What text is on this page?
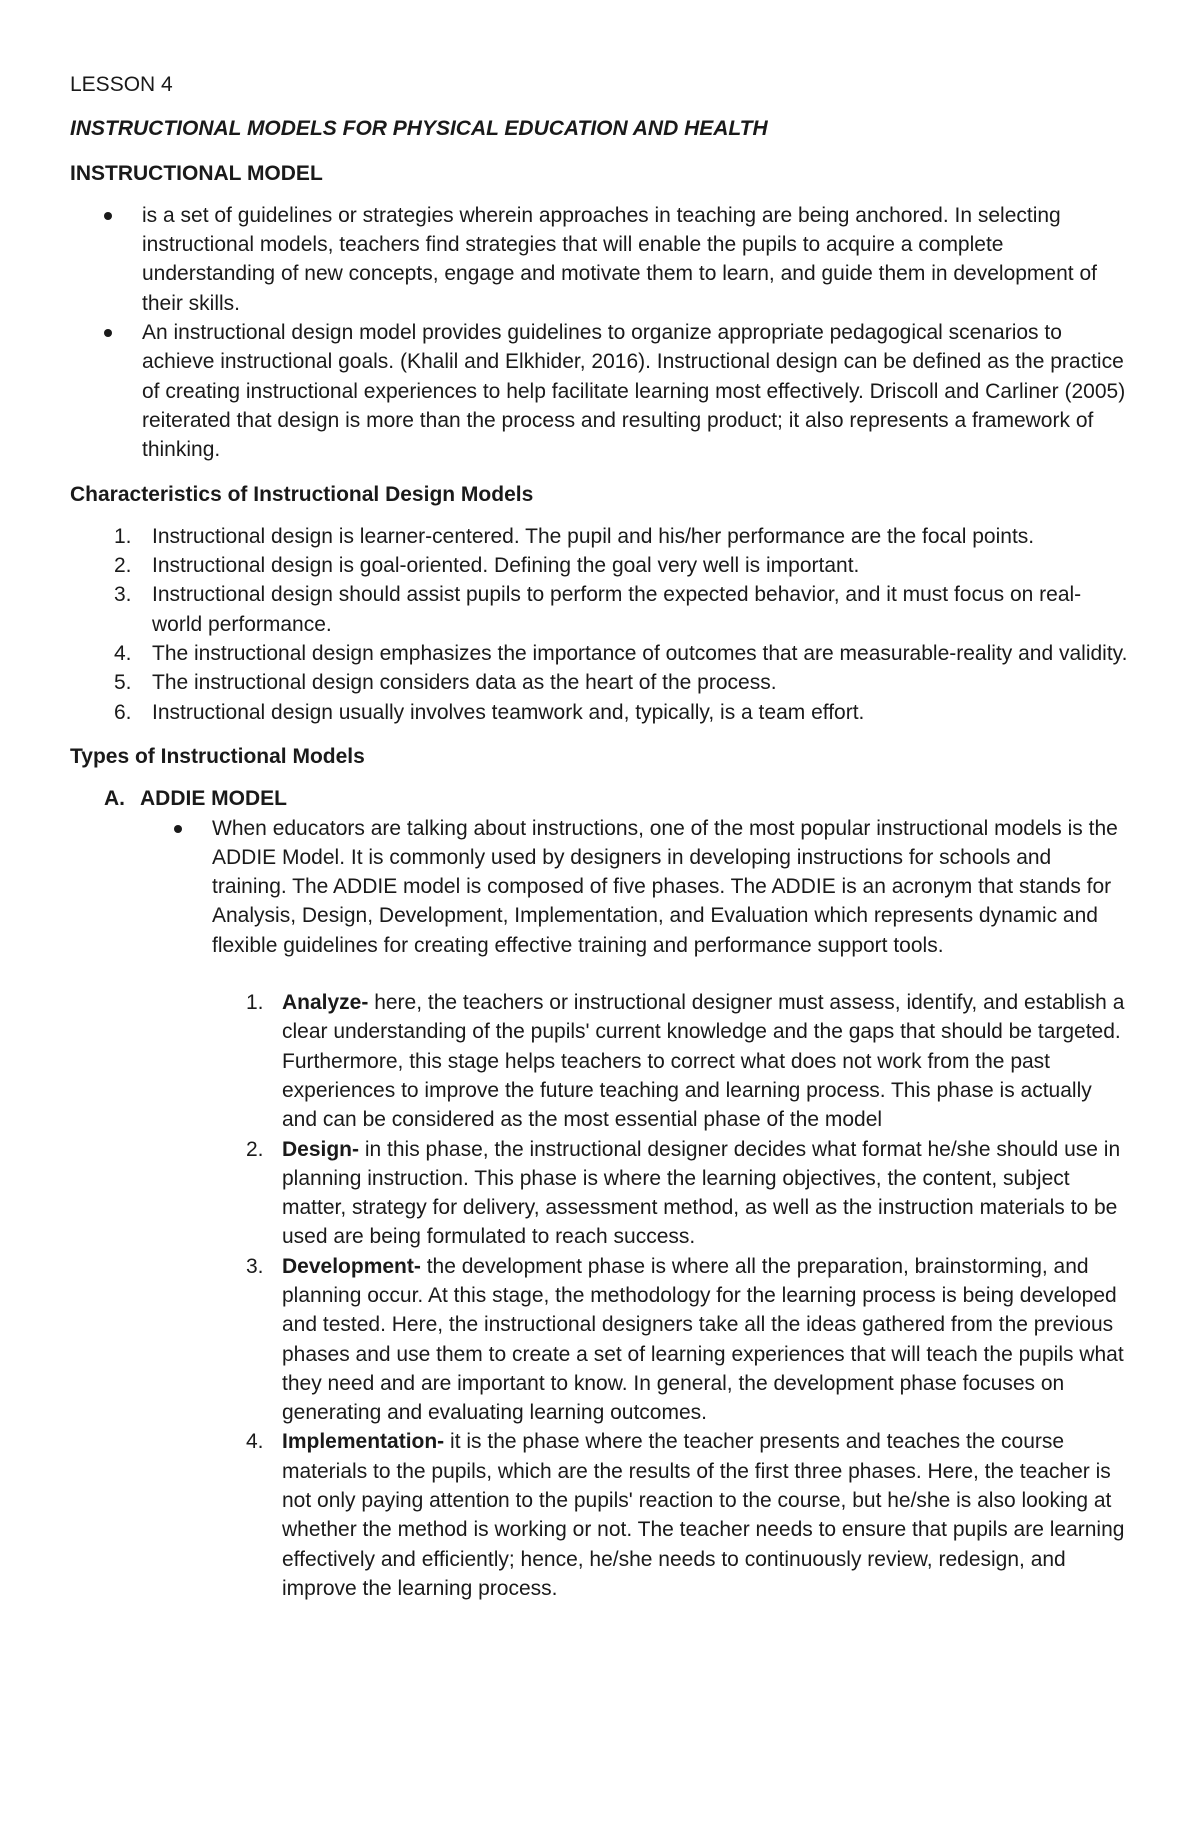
LESSON 4

INSTRUCTIONAL MODELS FOR PHYSICAL EDUCATION AND HEALTH

INSTRUCTIONAL MODEL

is a set of guidelines or strategies wherein approaches in teaching are being anchored. In selecting instructional models, teachers find strategies that will enable the pupils to acquire a complete understanding of new concepts, engage and motivate them to learn, and guide them in development of their skills.
An instructional design model provides guidelines to organize appropriate pedagogical scenarios to achieve instructional goals. (Khalil and Elkhider, 2016). Instructional design can be defined as the practice of creating instructional experiences to help facilitate learning most effectively. Driscoll and Carliner (2005) reiterated that design is more than the process and resulting product; it also represents a framework of thinking.

Characteristics of Instructional Design Models

1. Instructional design is learner-centered. The pupil and his/her performance are the focal points.
2. Instructional design is goal-oriented. Defining the goal very well is important.
3. Instructional design should assist pupils to perform the expected behavior, and it must focus on real-world performance.
4. The instructional design emphasizes the importance of outcomes that are measurable-reality and validity.
5. The instructional design considers data as the heart of the process.
6. Instructional design usually involves teamwork and, typically, is a team effort.

Types of Instructional Models

A. ADDIE MODEL

When educators are talking about instructions, one of the most popular instructional models is the ADDIE Model. It is commonly used by designers in developing instructions for schools and training. The ADDIE model is composed of five phases. The ADDIE is an acronym that stands for Analysis, Design, Development, Implementation, and Evaluation which represents dynamic and flexible guidelines for creating effective training and performance support tools.
1. Analyze- here, the teachers or instructional designer must assess, identify, and establish a clear understanding of the pupils' current knowledge and the gaps that should be targeted. Furthermore, this stage helps teachers to correct what does not work from the past experiences to improve the future teaching and learning process. This phase is actually and can be considered as the most essential phase of the model
2. Design- in this phase, the instructional designer decides what format he/she should use in planning instruction. This phase is where the learning objectives, the content, subject matter, strategy for delivery, assessment method, as well as the instruction materials to be used are being formulated to reach success.
3. Development- the development phase is where all the preparation, brainstorming, and planning occur. At this stage, the methodology for the learning process is being developed and tested. Here, the instructional designers take all the ideas gathered from the previous phases and use them to create a set of learning experiences that will teach the pupils what they need and are important to know. In general, the development phase focuses on generating and evaluating learning outcomes.
4. Implementation- it is the phase where the teacher presents and teaches the course materials to the pupils, which are the results of the first three phases. Here, the teacher is not only paying attention to the pupils' reaction to the course, but he/she is also looking at whether the method is working or not. The teacher needs to ensure that pupils are learning effectively and efficiently; hence, he/she needs to continuously review, redesign, and improve the learning process.
